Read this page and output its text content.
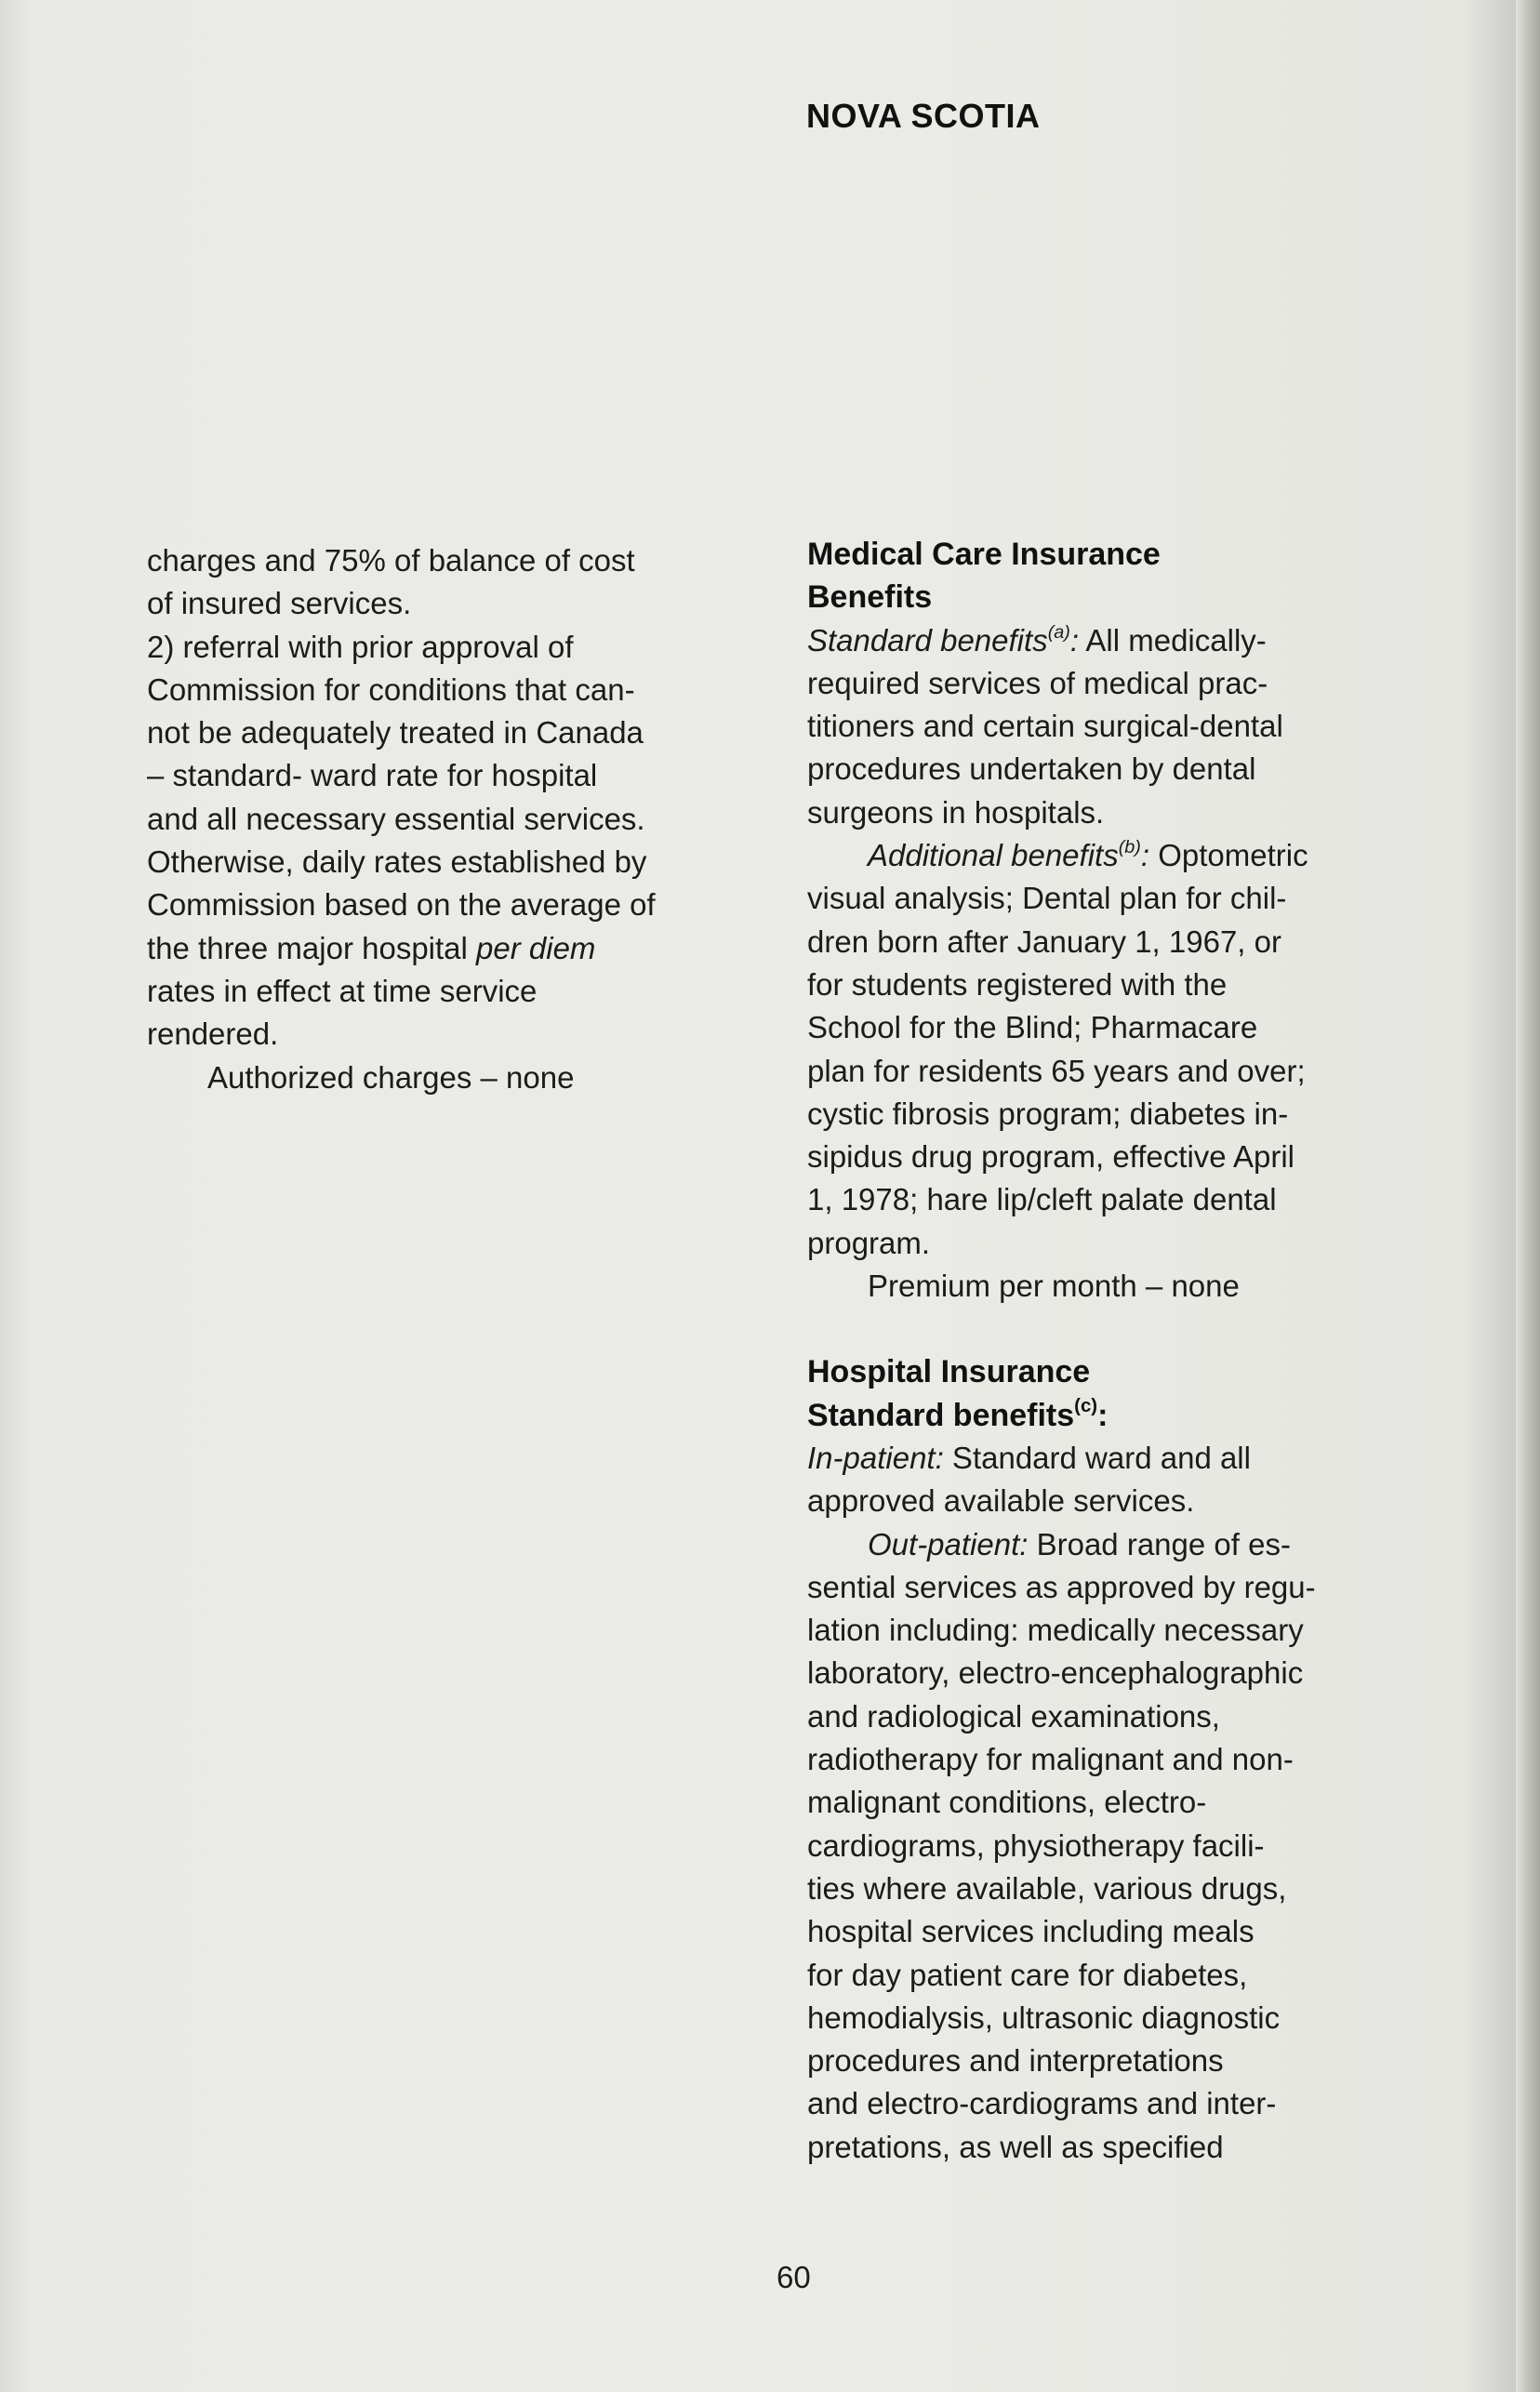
NOVA SCOTIA

charges and 75% of balance of cost

of insured services.

2) referral with prior approval of

Commission for conditions that can-

not be adequately treated in Canada

– standard- ward rate for hospital

and all necessary essential services.

Otherwise, daily rates established by

Commission based on the average of

the three major hospital per diem

rates in effect at time service

rendered.

Authorized charges – none

Medical Care Insurance

Benefits

Standard benefits$^{(a)}$: All medically-

required services of medical prac-

titioners and certain surgical-dental

procedures undertaken by dental

surgeons in hospitals.

Additional benefits$^{(b)}$: Optometric

visual analysis; Dental plan for chil-

dren born after January 1, 1967, or

for students registered with the

School for the Blind; Pharmacare

plan for residents 65 years and over;

cystic fibrosis program; diabetes in-

sipidus drug program, effective April

1, 1978; hare lip/cleft palate dental

program.

Premium per month – none

Hospital Insurance

Standard benefits$^{(c)}$:

In-patient: Standard ward and all

approved available services.

Out-patient: Broad range of es-

sential services as approved by regu-

lation including: medically necessary

laboratory, electro-encephalographic

and radiological examinations,

radiotherapy for malignant and non-

malignant conditions, electro-

cardiograms, physiotherapy facili-

ties where available, various drugs,

hospital services including meals

for day patient care for diabetes,

hemodialysis, ultrasonic diagnostic

procedures and interpretations

and electro-cardiograms and inter-

pretations, as well as specified

60
